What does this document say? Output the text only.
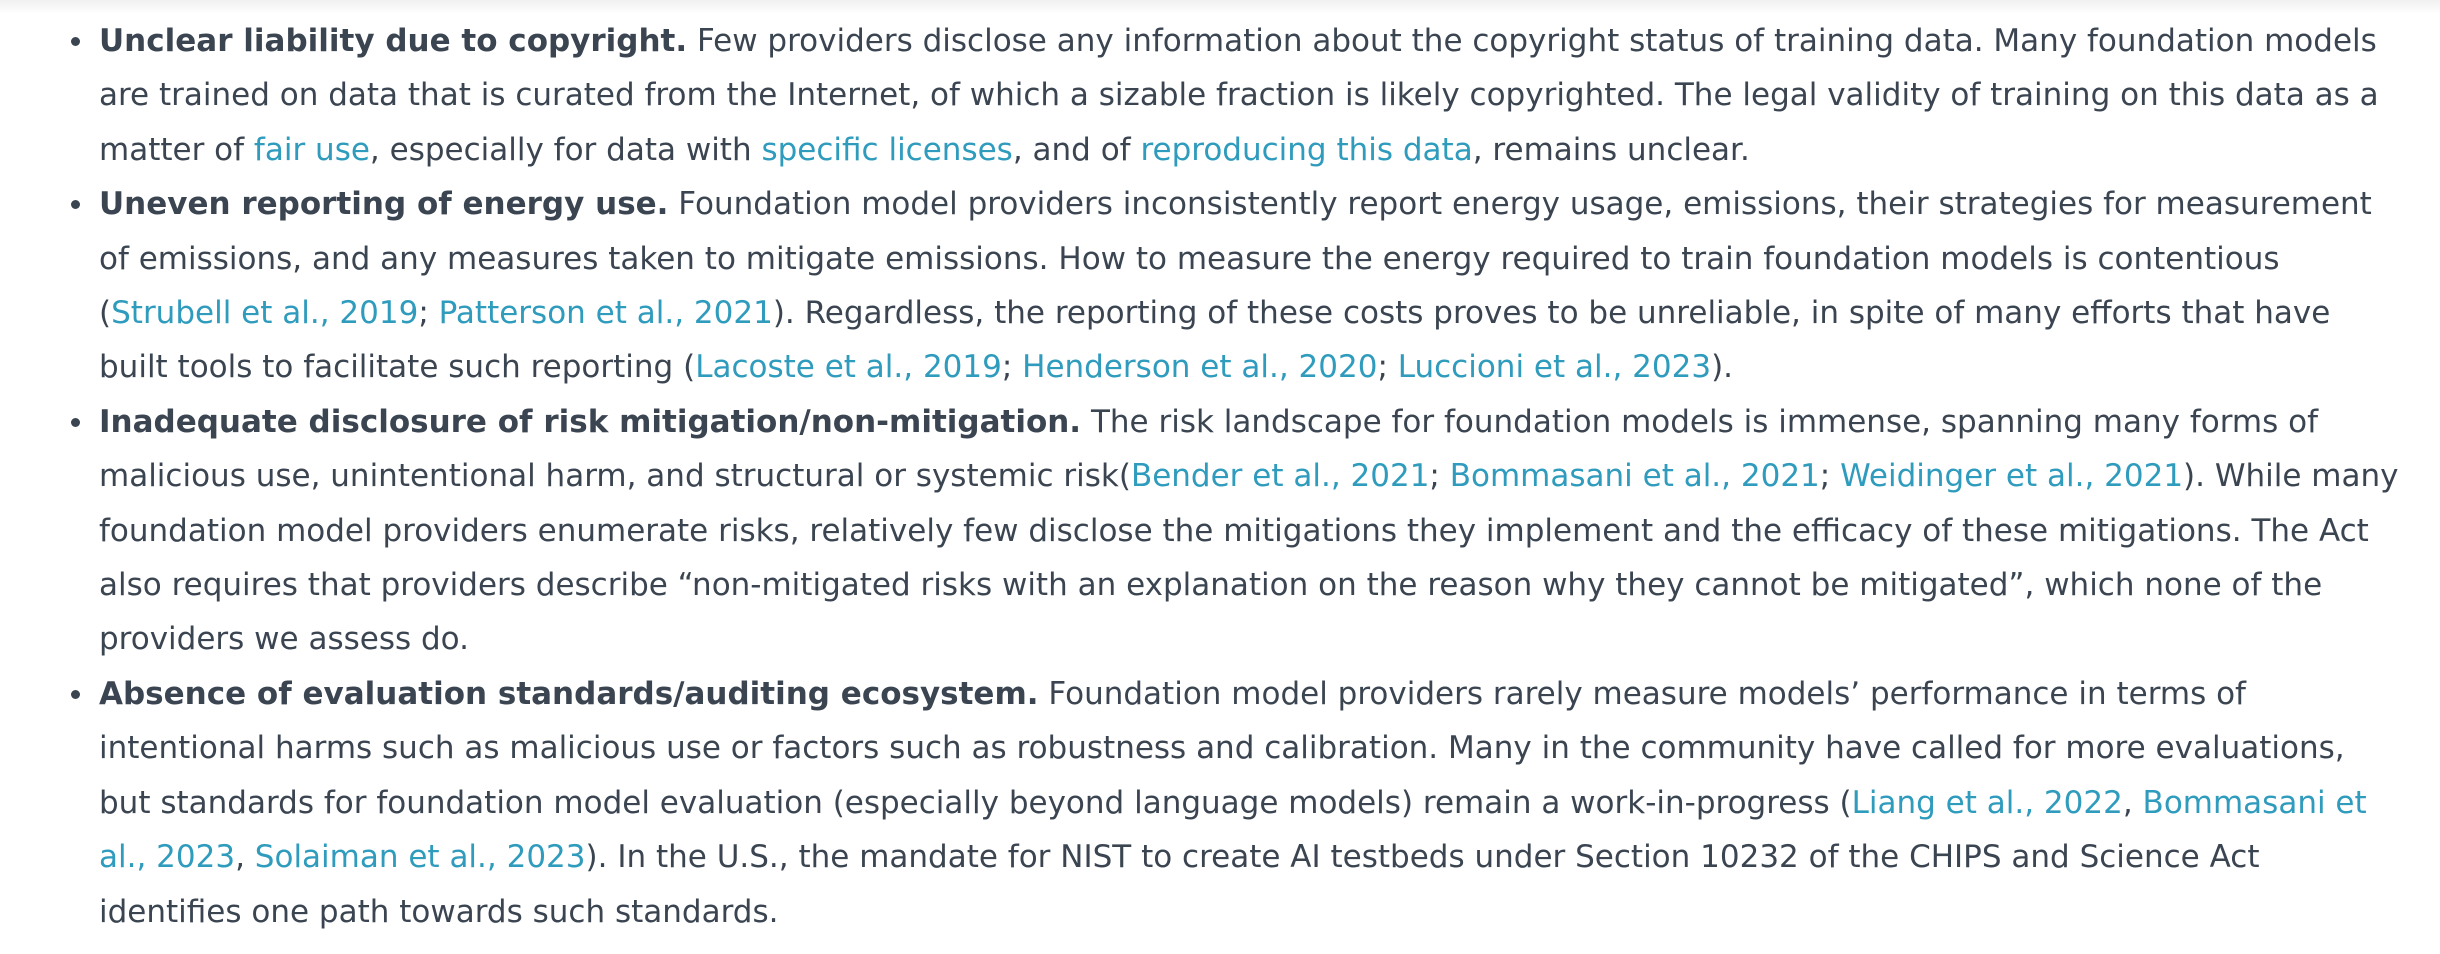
Unclear liability due to copyright. Few providers disclose any information about the copyright status of training data. Many foundation models are trained on data that is curated from the Internet, of which a sizable fraction is likely copyrighted. The legal validity of training on this data as a matter of fair use, especially for data with specific licenses, and of reproducing this data, remains unclear.
Uneven reporting of energy use. Foundation model providers inconsistently report energy usage, emissions, their strategies for measurement of emissions, and any measures taken to mitigate emissions. How to measure the energy required to train foundation models is contentious (Strubell et al., 2019; Patterson et al., 2021). Regardless, the reporting of these costs proves to be unreliable, in spite of many efforts that have built tools to facilitate such reporting (Lacoste et al., 2019; Henderson et al., 2020; Luccioni et al., 2023).
Inadequate disclosure of risk mitigation/non-mitigation. The risk landscape for foundation models is immense, spanning many forms of malicious use, unintentional harm, and structural or systemic risk(Bender et al., 2021; Bommasani et al., 2021; Weidinger et al., 2021). While many foundation model providers enumerate risks, relatively few disclose the mitigations they implement and the efficacy of these mitigations. The Act also requires that providers describe “non-mitigated risks with an explanation on the reason why they cannot be mitigated”, which none of the providers we assess do.
Absence of evaluation standards/auditing ecosystem. Foundation model providers rarely measure models’ performance in terms of intentional harms such as malicious use or factors such as robustness and calibration. Many in the community have called for more evaluations, but standards for foundation model evaluation (especially beyond language models) remain a work-in-progress (Liang et al., 2022, Bommasani et al., 2023, Solaiman et al., 2023). In the U.S., the mandate for NIST to create AI testbeds under Section 10232 of the CHIPS and Science Act identifies one path towards such standards.
